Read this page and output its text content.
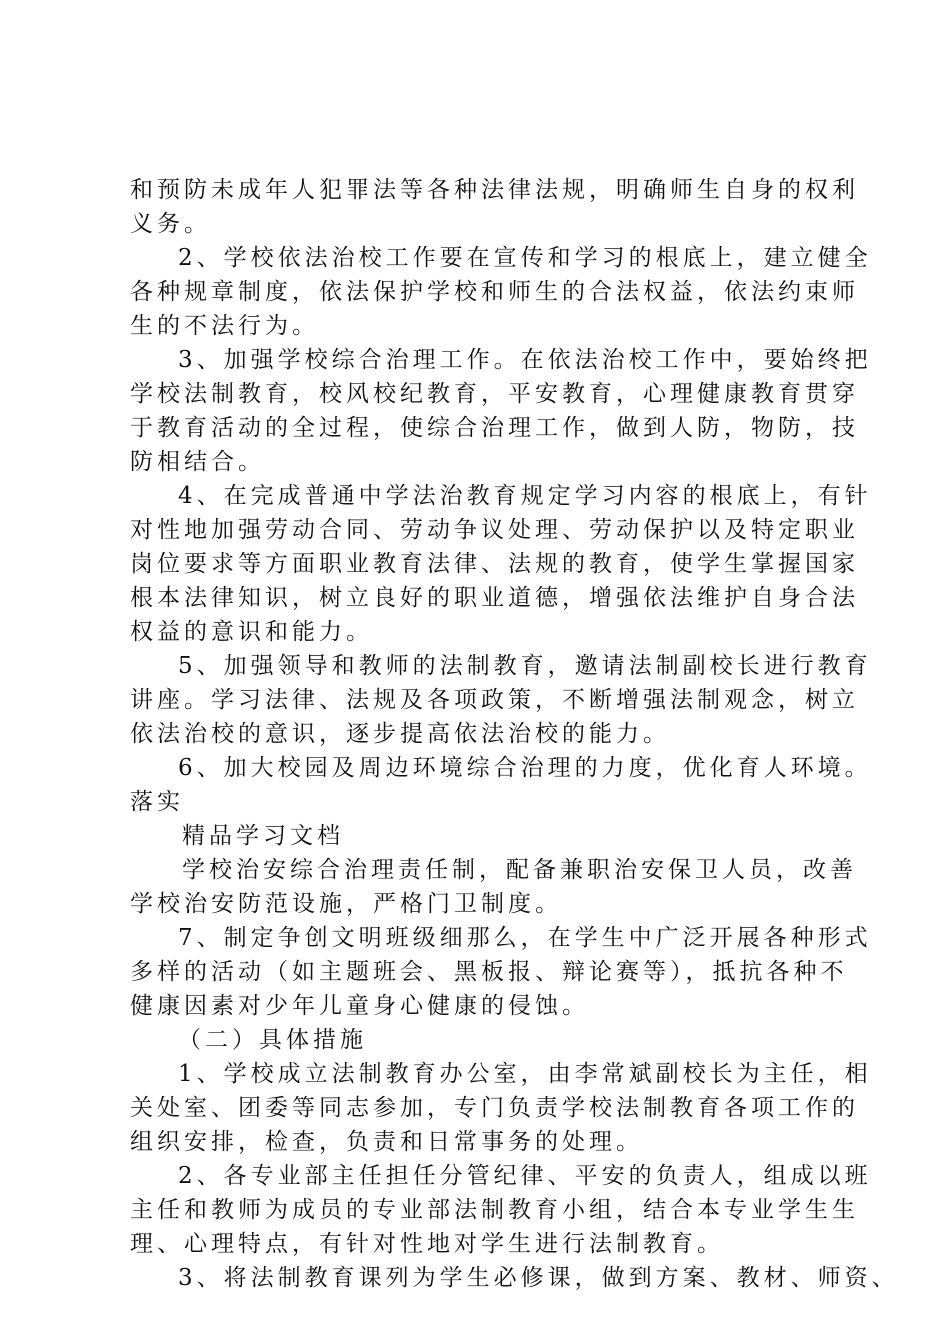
和预防未成年人犯罪法等各种法律法规，明确师生自身的权利
义务。
2、学校依法治校工作要在宣传和学习的根底上，建立健全
各种规章制度，依法保护学校和师生的合法权益，依法约束师
生的不法行为。
3、加强学校综合治理工作。在依法治校工作中，要始终把
学校法制教育，校风校纪教育，平安教育，心理健康教育贯穿
于教育活动的全过程，使综合治理工作，做到人防，物防，技
防相结合。
4、在完成普通中学法治教育规定学习内容的根底上，有针
对性地加强劳动合同、劳动争议处理、劳动保护以及特定职业
岗位要求等方面职业教育法律、法规的教育，使学生掌握国家
根本法律知识，树立良好的职业道德，增强依法维护自身合法
权益的意识和能力。
5、加强领导和教师的法制教育，邀请法制副校长进行教育
讲座。学习法律、法规及各项政策，不断增强法制观念，树立
依法治校的意识，逐步提高依法治校的能力。
6、加大校园及周边环境综合治理的力度，优化育人环境。
落实
精品学习文档
学校治安综合治理责任制，配备兼职治安保卫人员，改善
学校治安防范设施，严格门卫制度。
7、制定争创文明班级细那么，在学生中广泛开展各种形式
多样的活动（如主题班会、黑板报、辩论赛等），抵抗各种不
健康因素对少年儿童身心健康的侵蚀。
（二）具体措施
1、学校成立法制教育办公室，由李常斌副校长为主任，相
关处室、团委等同志参加，专门负责学校法制教育各项工作的
组织安排，检查，负责和日常事务的处理。
2、各专业部主任担任分管纪律、平安的负责人，组成以班
主任和教师为成员的专业部法制教育小组，结合本专业学生生
理、心理特点，有针对性地对学生进行法制教育。
3、将法制教育课列为学生必修课，做到方案、教材、师资、
